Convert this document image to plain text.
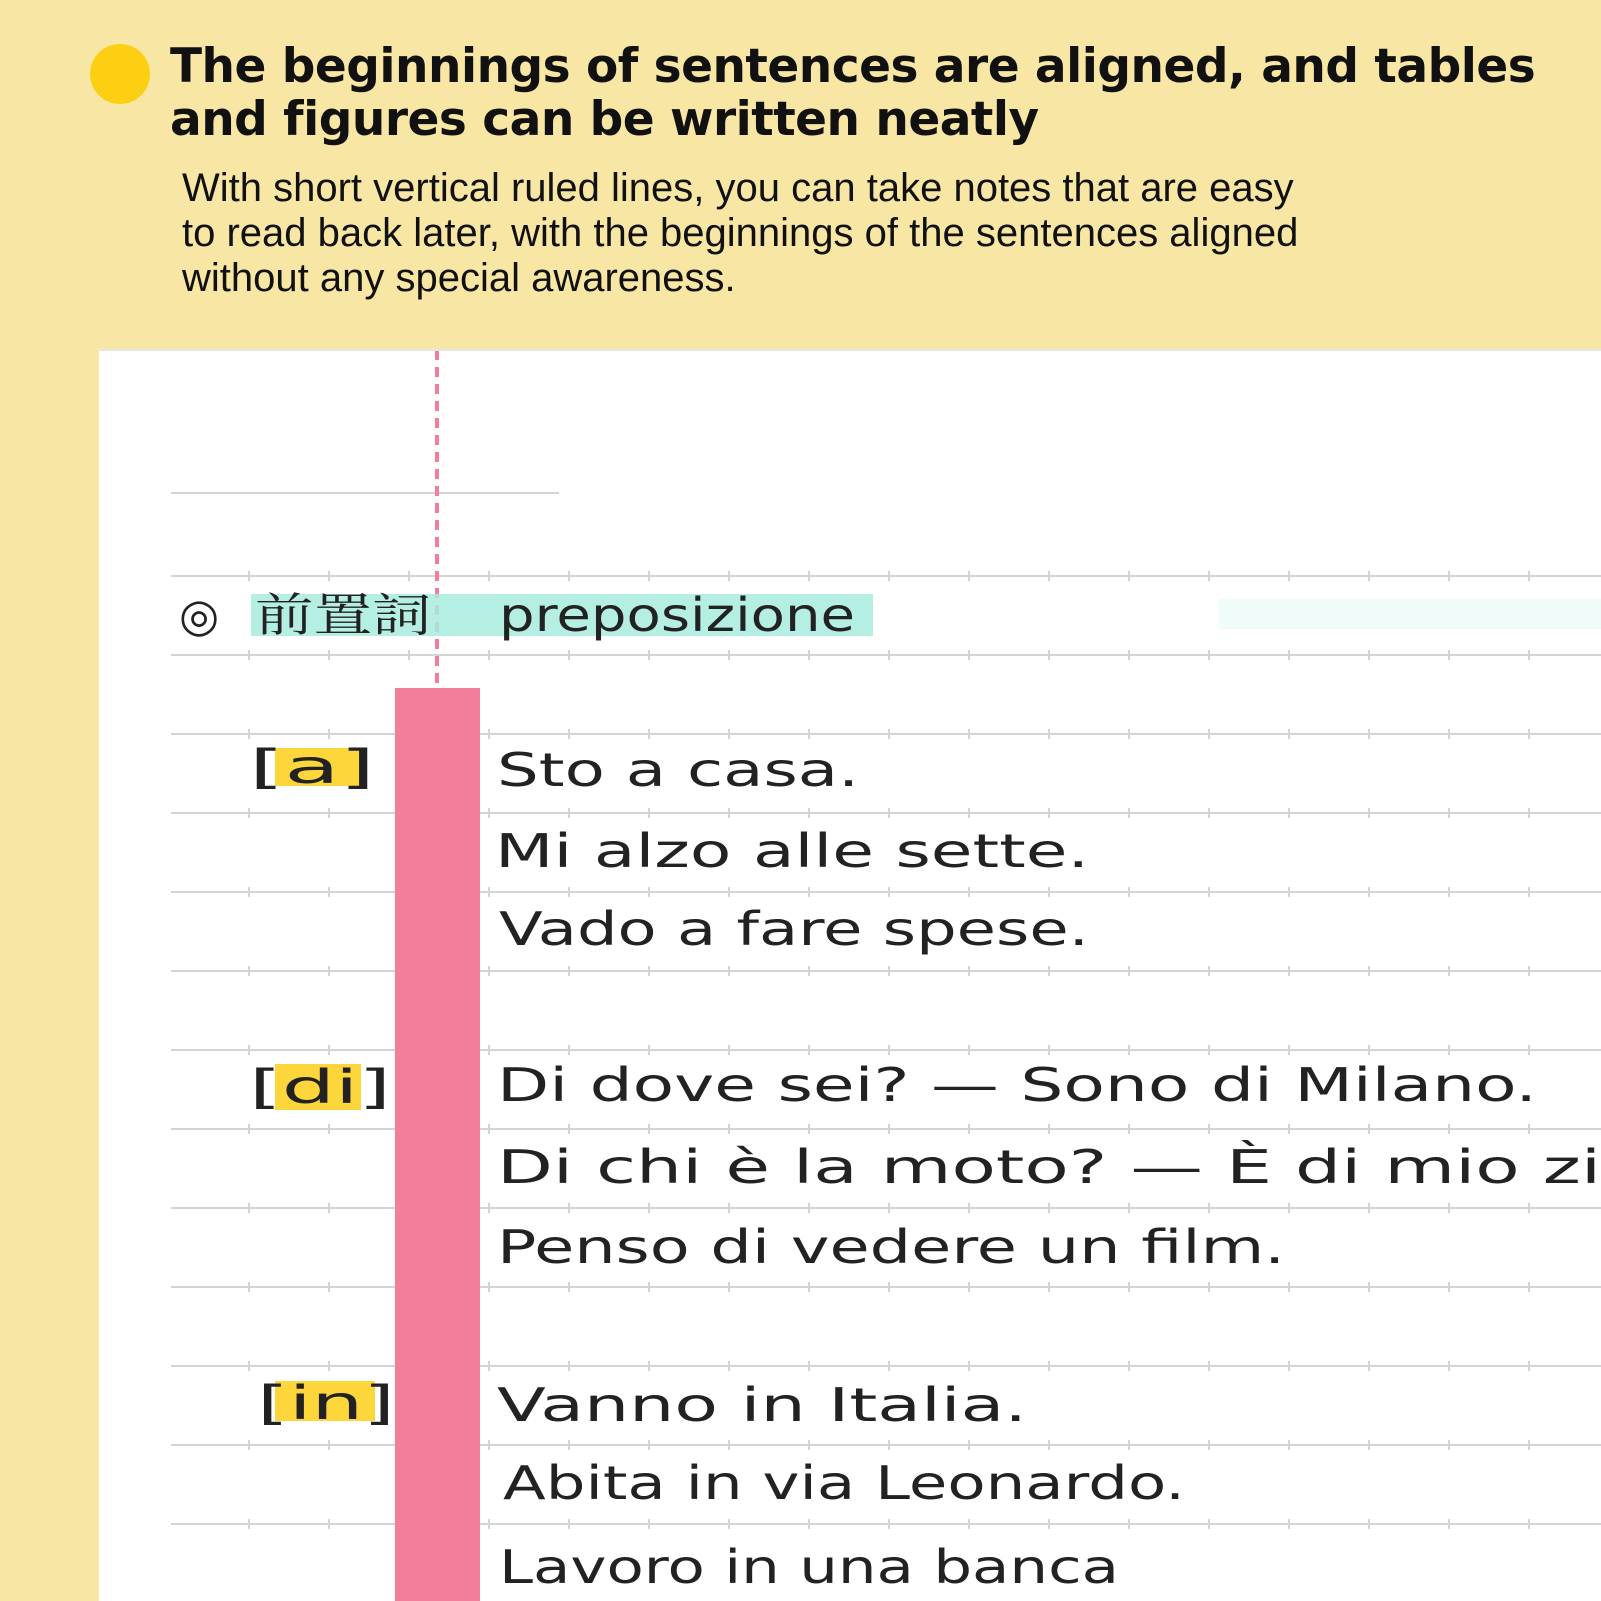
The beginnings of sentences are aligned, and tables
and figures can be written neatly
With short vertical ruled lines, you can take notes that are easy
to read back later, with the beginnings of the sentences aligned
without any special awareness.
◎ 前置詞 preposizione
[a]
[di]
[in]
Sto a casa.
Mi alzo alle sette.
Vado a fare spese.
Di dove sei? — Sono di Milano.
Di chi è la moto? — È di mio zi
Penso di vedere un film.
Vanno in Italia.
Abita in via Leonardo.
Lavoro in una banca
